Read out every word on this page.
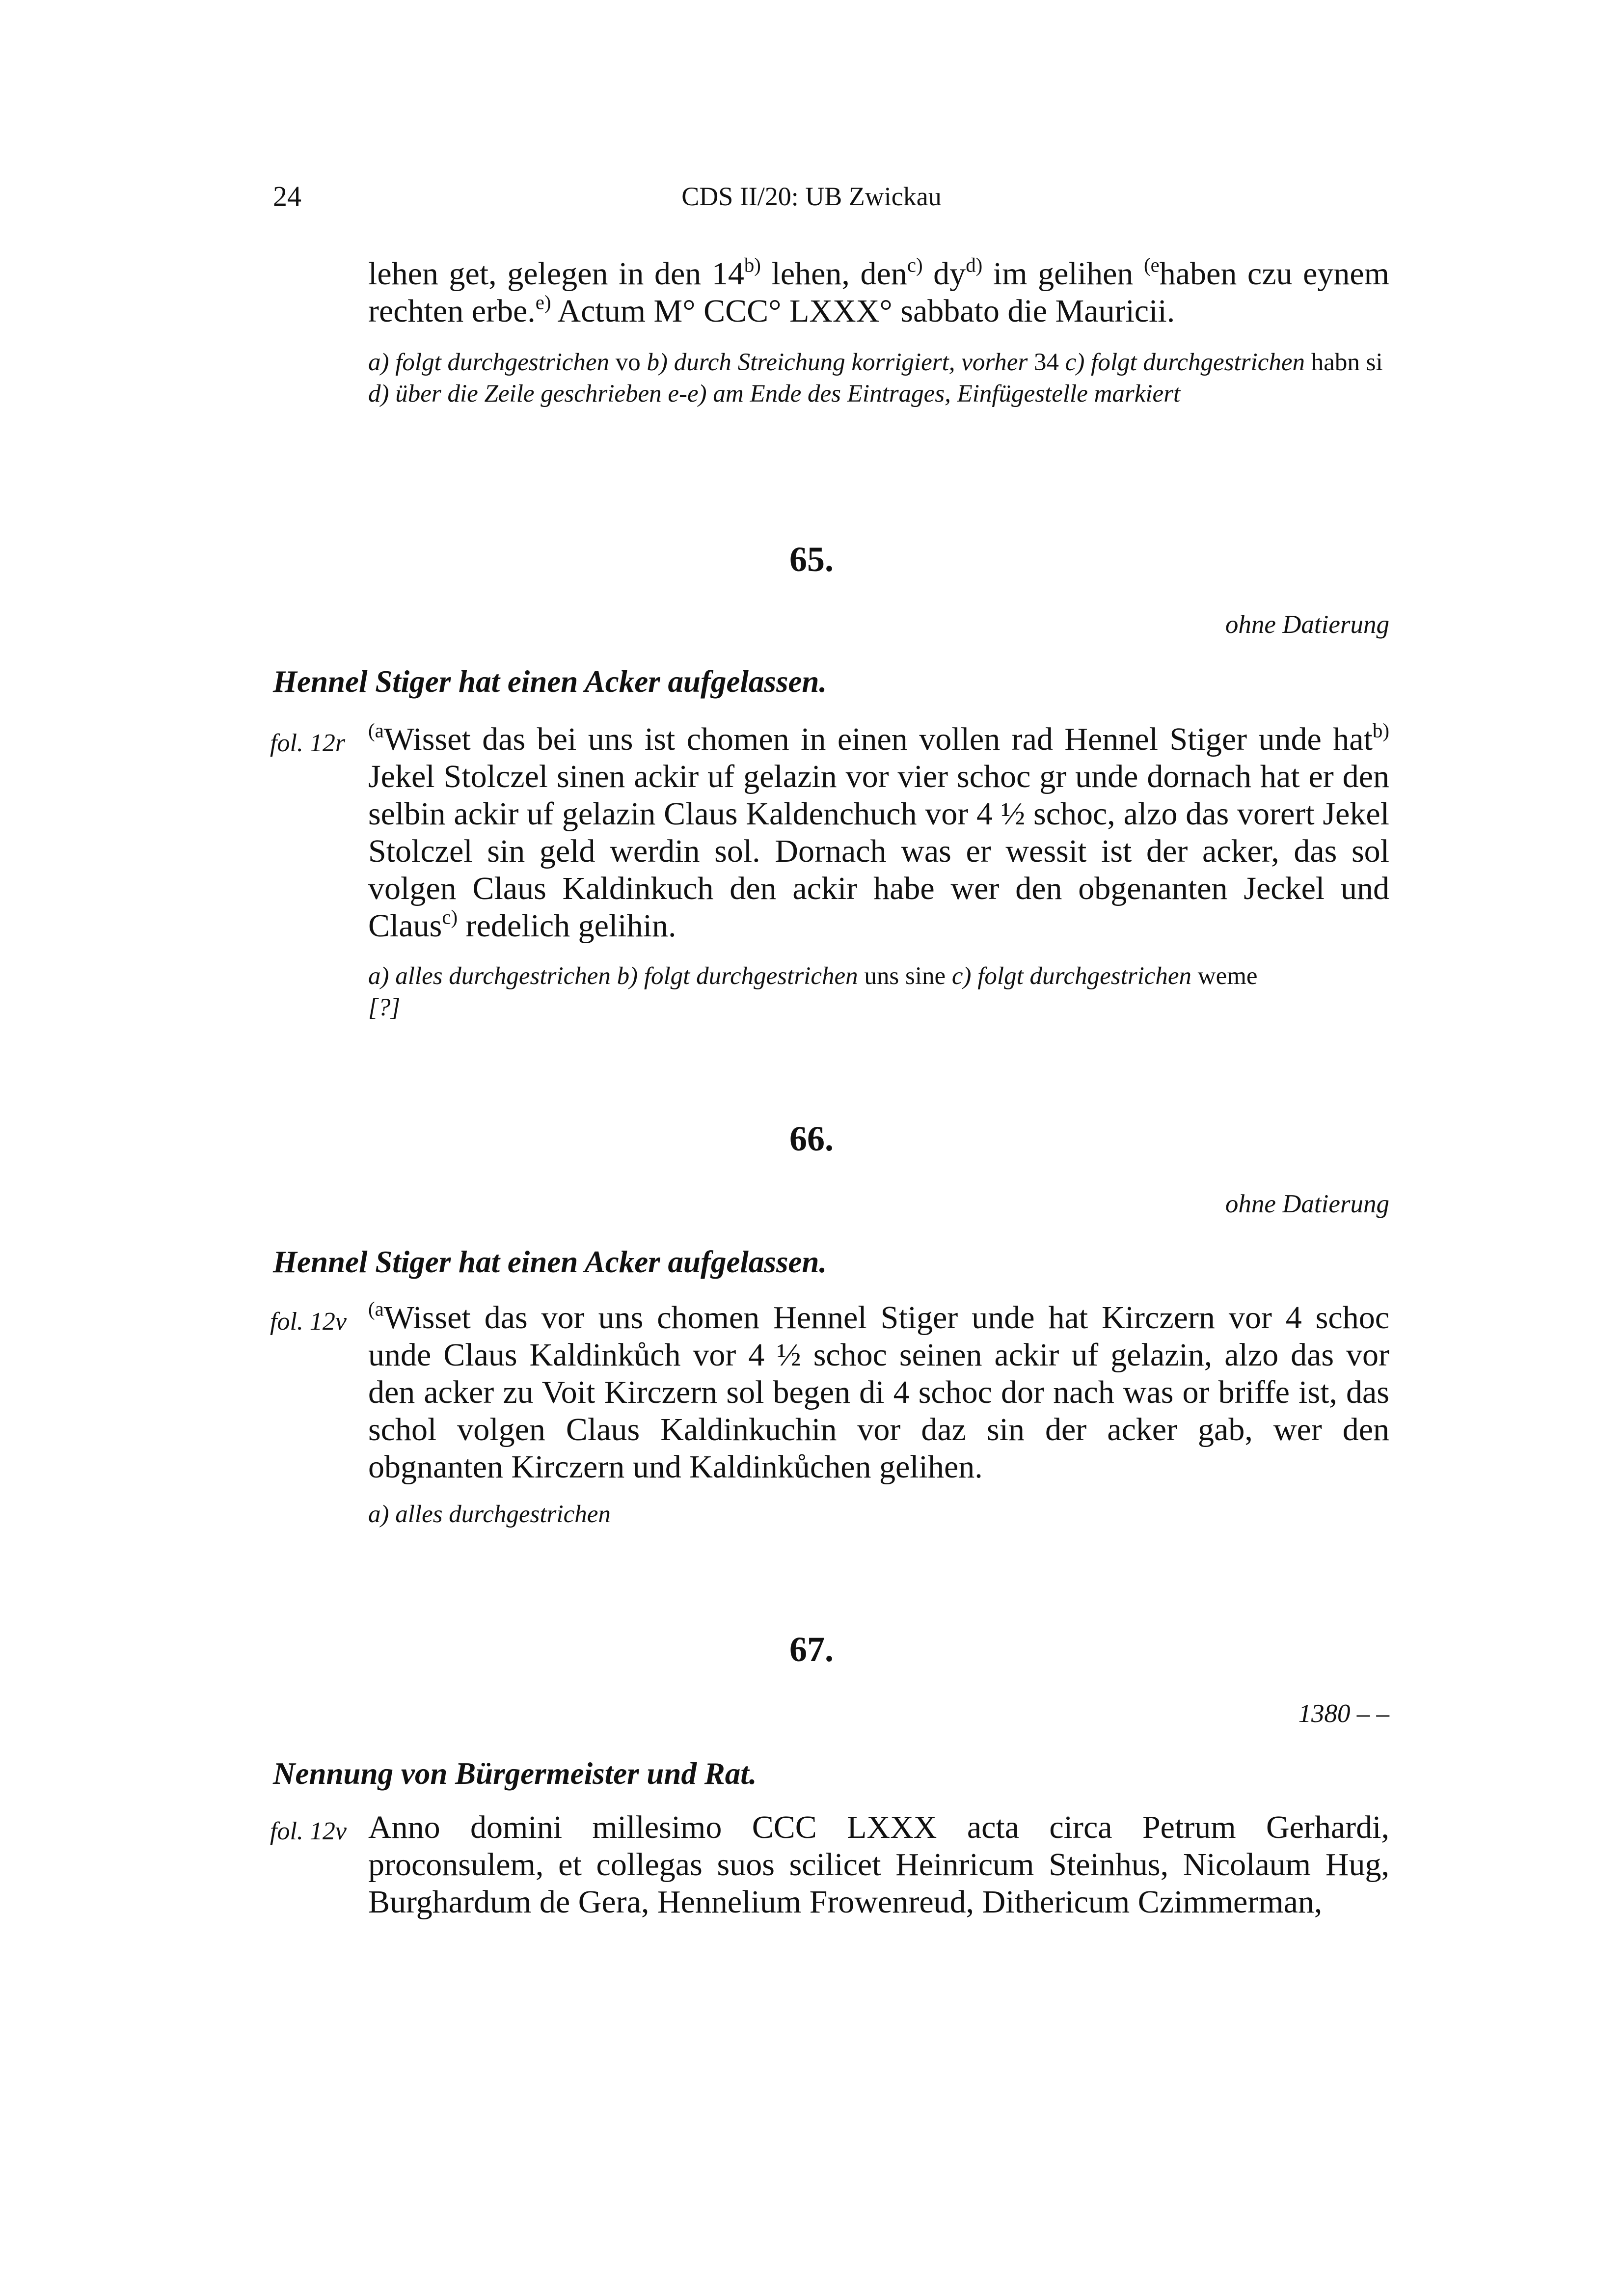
24	CDS II/20: UB Zwickau

lehen get, gelegen in den 14$^{b)}$ lehen, den$^{c)}$ $dy^{d)}$ im gelihen $^{(e}$haben czu eynem rechten erbe.$^{e)}$ Actum M° CCC° LXXX° sabbato die Mauricii.

a) folgt durchgestrichen vo b) durch Streichung korrigiert, vorher 34 c) folgt durchgestrichen habn si d) über die Zeile geschrieben e-e) am Ende des Eintrages, Einfügestelle markiert

65.
ohne Datierung
Hennel Stiger hat einen Acker aufgelassen.
fol. 12r $^{(a}$Wisset das bei uns ist chomen in einen vollen rad Hennel Stiger unde hat$^{b)}$ Jekel Stolczel sinen ackir uf gelazin vor vier schoc gr unde dornach hat er den selbin ackir uf gelazin Claus Kaldenchuch vor 4 ½ schoc, alzo das vorert Jekel Stolczel sin geld werdin sol. Dornach was er wessit ist der acker, das sol volgen Claus Kaldinkuch den ackir habe wer den obgenanten Jeckel und Claus$^{c)}$ redelich gelihin.

a) alles durchgestrichen b) folgt durchgestrichen uns sine c) folgt durchgestrichen weme
[?]

66.
ohne Datierung
Hennel Stiger hat einen Acker aufgelassen.
fol. 12v $^{(a}$Wisset das vor uns chomen Hennel Stiger unde hat Kirczern vor 4 schoc unde Claus Kaldinkůch vor 4 ½ schoc seinen ackir uf gelazin, alzo das vor den acker zu Voit Kirczern sol begen di 4 schoc dor nach was or briffe ist, das schol volgen Claus Kaldinkuchin vor daz sin der acker gab, wer den obgnanten Kirczern und Kaldinkůchen gelihen.

a) alles durchgestrichen

67.
1380 – –
Nennung von Bürgermeister und Rat.
fol. 12v Anno domini millesimo CCC LXXX acta circa Petrum Gerhardi, proconsulem, et collegas suos scilicet Heinricum Steinhus, Nicolaum Hug, Burghardum de Gera, Hennelium Frowenreud, Dithericum Czimmerman,
